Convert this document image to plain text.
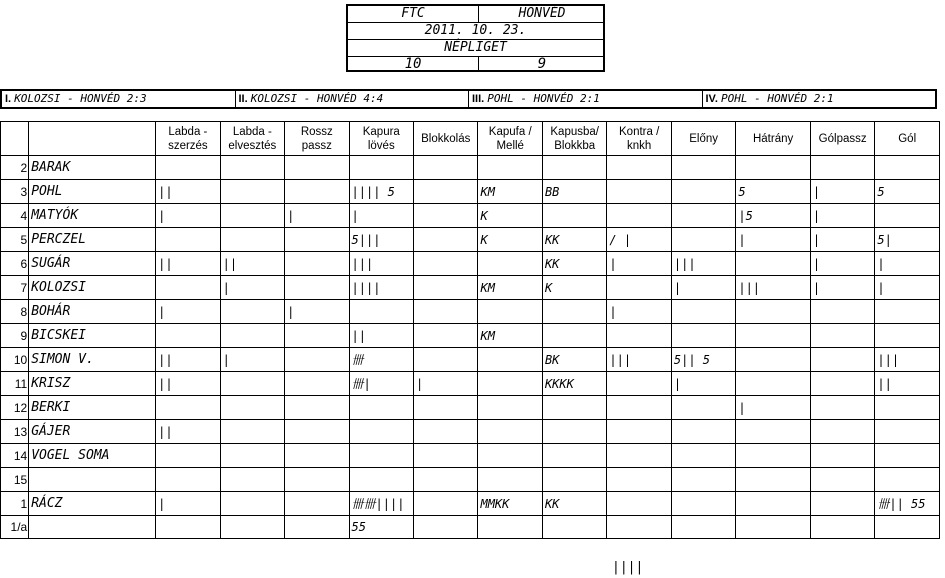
FTC	HONVÉD
2011. 10. 23.
NÉPLIGET
10	9
I. KOLOZSI - HONVÉD 2:3	II. KOLOZSI - HONVÉD 4:4	III. POHL - HONVÉD 2:1	IV. POHL - HONVÉD 2:1
		Labda - szerzés	Labda - elvesztés	Rossz passz	Kapura lövés	Blokkolás	Kapufa / Mellé	Kapusba/ Blokkba	Kontra / knkh	Előny	Hátrány	Gólpassz	Gól
2	BARAK												
3	POHL	||			|||| 5		KM	BB			5	|	5
4	MATYÓK	|		|	|		K				|5	|	
5	PERCZEL				5|||		K	KK	/ |		|	|	5|
6	SUGÁR	||	||		|||			KK	|	|||		|	|
7	KOLOZSI		|		||||		KM	K		|	|||	|	|
8	BOHÁR	|		|					|				
9	BICSKEI				||		KM						
10	SIMON V.	||	|		卌			BK	|||	5|| 5			|||
11	KRISZ	||			卌|	|		KKKK		|			||
12	BERKI										|		
13	GÁJER	||											
14	VOGEL SOMA												
15													
1	RÁCZ	|			卌卌||||		MMKK	KK					卌|| 55
1/a					55								
||||
